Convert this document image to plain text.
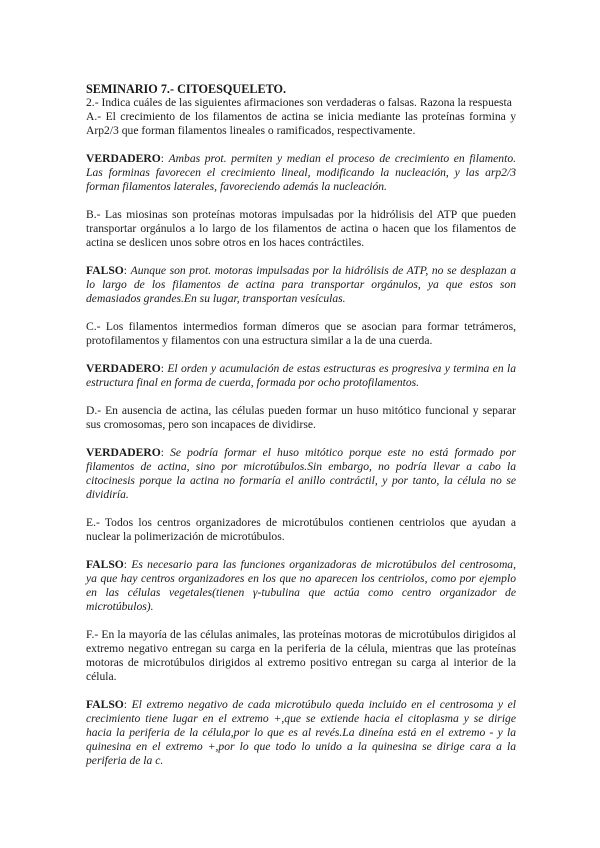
SEMINARIO 7.- CITOESQUELETO.

2.- Indica cuáles de las siguientes afirmaciones son verdaderas o falsas. Razona la respuesta

A.- El crecimiento de los filamentos de actina se inicia mediante las proteínas formina y Arp2/3 que forman filamentos lineales o ramificados, respectivamente.

VERDADERO: Ambas prot. permiten y median el proceso de crecimiento en filamento. Las forminas favorecen el crecimiento lineal, modificando la nucleación, y las arp2/3 forman filamentos laterales, favoreciendo además la nucleación.

B.- Las miosinas son proteínas motoras impulsadas por la hidrólisis del ATP que pueden transportar orgánulos a lo largo de los filamentos de actina o hacen que los filamentos de actina se deslicen unos sobre otros en los haces contráctiles.

FALSO: Aunque son prot. motoras impulsadas por la hidrólisis de ATP, no se desplazan a lo largo de los filamentos de actina para transportar orgánulos, ya que estos son demasiados grandes.En su lugar, transportan vesículas.

C.- Los filamentos intermedios forman dímeros que se asocian para formar tetrámeros, protofilamentos y filamentos con una estructura similar a la de una cuerda.

VERDADERO: El orden y acumulación de estas estructuras es progresiva y termina en la estructura final en forma de cuerda, formada por ocho protofilamentos.

D.- En ausencia de actina, las células pueden formar un huso mitótico funcional y separar sus cromosomas, pero son incapaces de dividirse.

VERDADERO: Se podría formar el huso mitótico porque este no está formado por filamentos de actina, sino por microtúbulos.Sin embargo, no podría llevar a cabo la citocinesis porque la actina no formaría el anillo contráctil, y por tanto, la célula no se dividiría.

E.- Todos los centros organizadores de microtúbulos contienen centriolos que ayudan a nuclear la polimerización de microtúbulos.

FALSO: Es necesario para las funciones organizadoras de microtúbulos del centrosoma, ya que hay centros organizadores en los que no aparecen los centriolos, como por ejemplo en las células vegetales(tienen γ-tubulina que actúa como centro organizador de microtúbulos).

F.- En la mayoría de las células animales, las proteínas motoras de microtúbulos dirigidos al extremo negativo entregan su carga en la periferia de la célula, mientras que las proteínas motoras de microtúbulos dirigidos al extremo positivo entregan su carga al interior de la célula.

FALSO: El extremo negativo de cada microtúbulo queda incluido en el centrosoma y el crecimiento tiene lugar en el extremo +,que se extiende hacia el citoplasma y se dirige hacia la periferia de la célula,por lo que es al revés.La dineína está en el extremo - y la quinesina en el extremo +,por lo que todo lo unido a la quinesina se dirige cara a la periferia de la c.
